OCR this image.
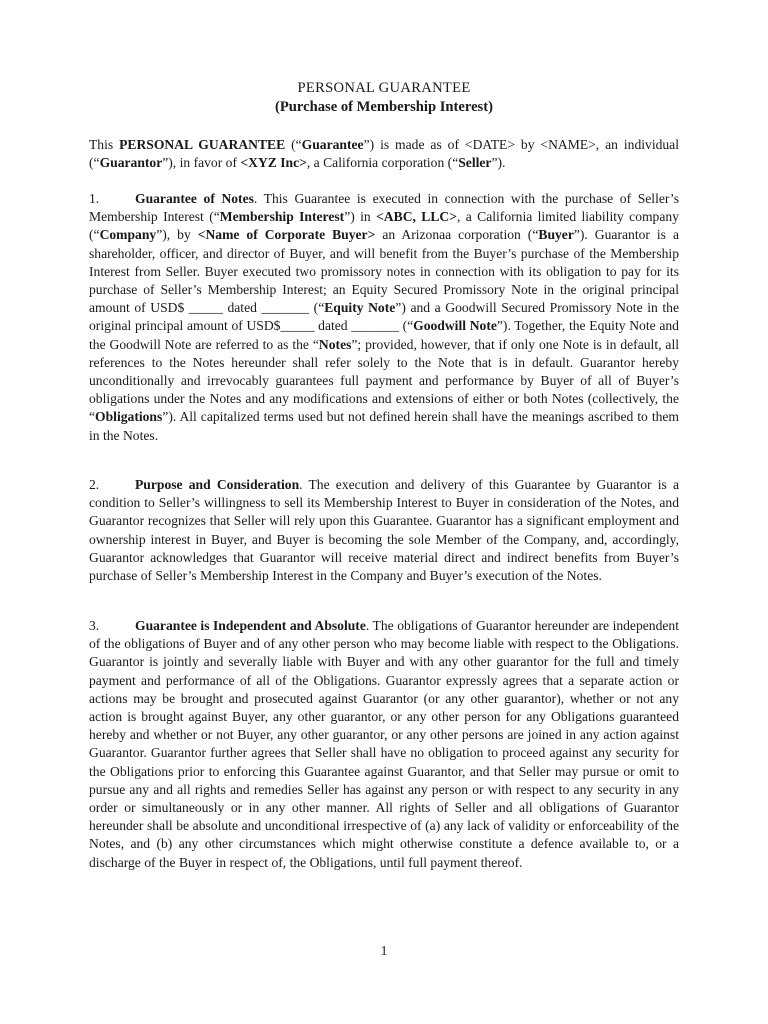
PERSONAL GUARANTEE
(Purchase of Membership Interest)

This PERSONAL GUARANTEE (“Guarantee”) is made as of <DATE> by <NAME>, an individual (“Guarantor”), in favor of <XYZ Inc>, a California corporation (“Seller”).

1.	Guarantee of Notes. This Guarantee is executed in connection with the purchase of Seller’s Membership Interest (“Membership Interest”) in <ABC, LLC>, a California limited liability company (“Company”), by <Name of Corporate Buyer> an Arizonaa corporation (“Buyer”). Guarantor is a shareholder, officer, and director of Buyer, and will benefit from the Buyer’s purchase of the Membership Interest from Seller. Buyer executed two promissory notes in connection with its obligation to pay for its purchase of Seller’s Membership Interest; an Equity Secured Promissory Note in the original principal amount of USD$ _____ dated _______ (“Equity Note”) and a Goodwill Secured Promissory Note in the original principal amount of USD$_____ dated _______ (“Goodwill Note”). Together, the Equity Note and the Goodwill Note are referred to as the “Notes”; provided, however, that if only one Note is in default, all references to the Notes hereunder shall refer solely to the Note that is in default. Guarantor hereby unconditionally and irrevocably guarantees full payment and performance by Buyer of all of Buyer’s obligations under the Notes and any modifications and extensions of either or both Notes (collectively, the “Obligations”). All capitalized terms used but not defined herein shall have the meanings ascribed to them in the Notes.

2.	Purpose and Consideration. The execution and delivery of this Guarantee by Guarantor is a condition to Seller’s willingness to sell its Membership Interest to Buyer in consideration of the Notes, and Guarantor recognizes that Seller will rely upon this Guarantee. Guarantor has a significant employment and ownership interest in Buyer, and Buyer is becoming the sole Member of the Company, and, accordingly, Guarantor acknowledges that Guarantor will receive material direct and indirect benefits from Buyer’s purchase of Seller’s Membership Interest in the Company and Buyer’s execution of the Notes.

3.	Guarantee is Independent and Absolute. The obligations of Guarantor hereunder are independent of the obligations of Buyer and of any other person who may become liable with respect to the Obligations. Guarantor is jointly and severally liable with Buyer and with any other guarantor for the full and timely payment and performance of all of the Obligations. Guarantor expressly agrees that a separate action or actions may be brought and prosecuted against Guarantor (or any other guarantor), whether or not any action is brought against Buyer, any other guarantor, or any other person for any Obligations guaranteed hereby and whether or not Buyer, any other guarantor, or any other persons are joined in any action against Guarantor. Guarantor further agrees that Seller shall have no obligation to proceed against any security for the Obligations prior to enforcing this Guarantee against Guarantor, and that Seller may pursue or omit to pursue any and all rights and remedies Seller has against any person or with respect to any security in any order or simultaneously or in any other manner. All rights of Seller and all obligations of Guarantor hereunder shall be absolute and unconditional irrespective of (a) any lack of validity or enforceability of the Notes, and (b) any other circumstances which might otherwise constitute a defence available to, or a discharge of the Buyer in respect of, the Obligations, until full payment thereof.

1
